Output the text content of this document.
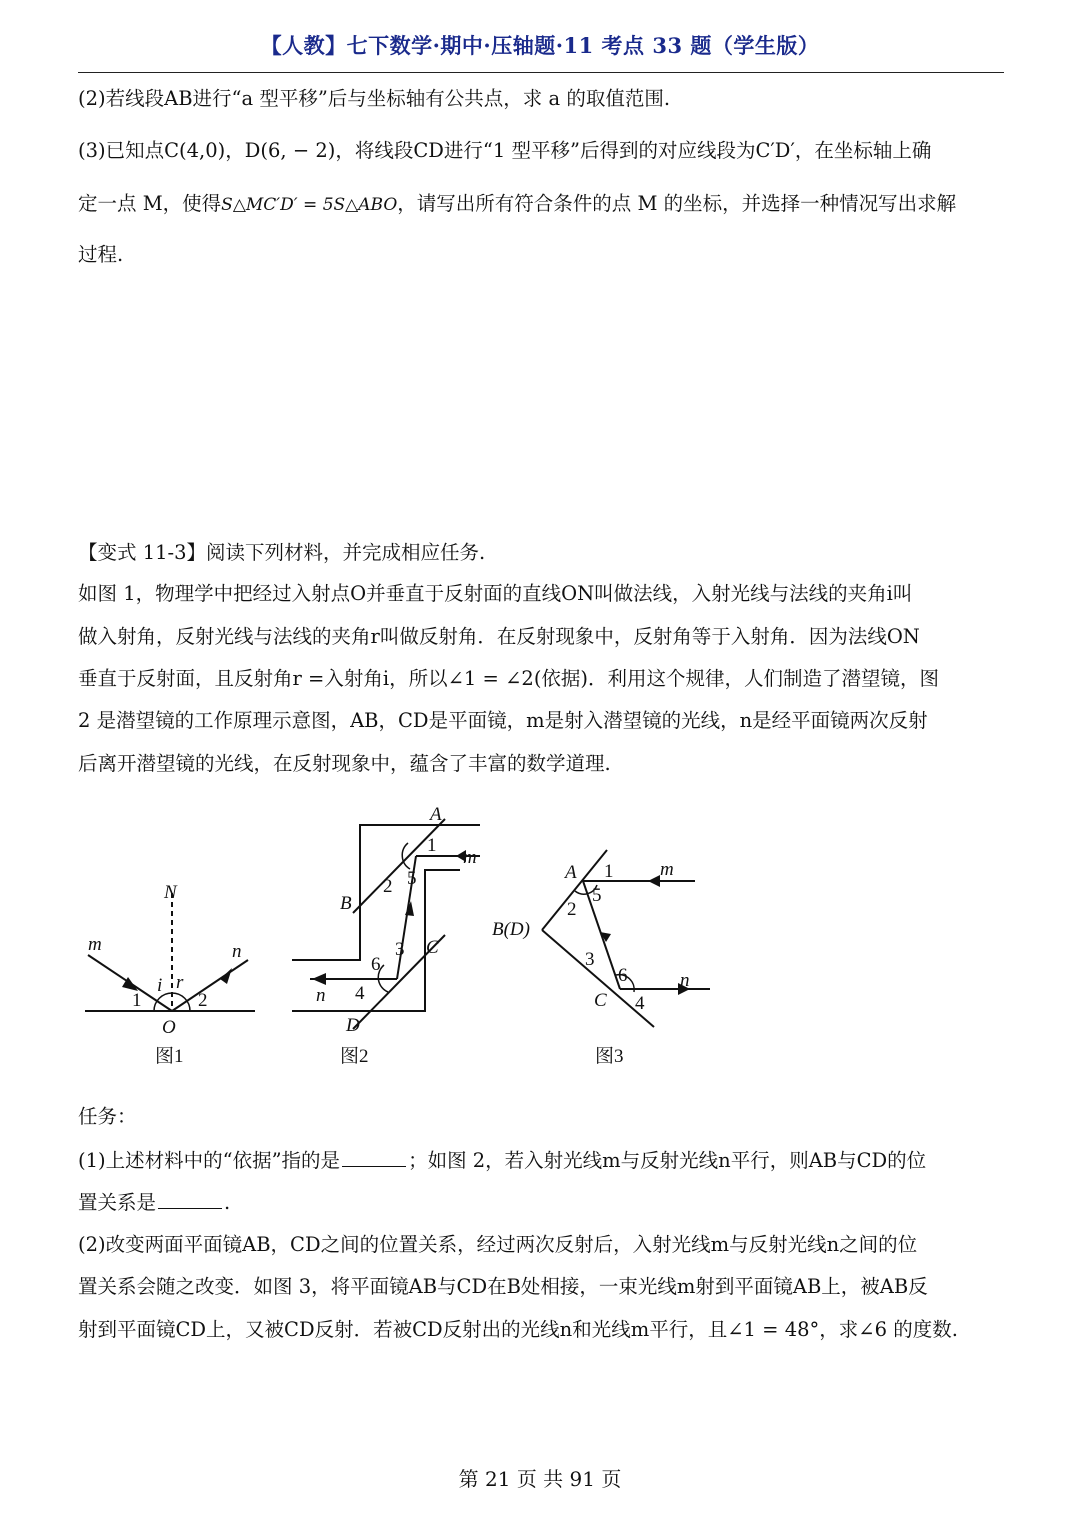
【人教】七下数学·期中·压轴题·11 考点 33 题（学生版）
(2)若线段AB进行“a 型平移”后与坐标轴有公共点，求 a 的取值范围.
(3)已知点C(4,0)，D(6, − 2)，将线段CD进行“1 型平移”后得到的对应线段为C′D′，在坐标轴上确
定一点 M，使得S△MC′D′ = 5S△ABO，请写出所有符合条件的点 M 的坐标，并选择一种情况写出求解
过程.
【变式 11-3】阅读下列材料，并完成相应任务.
如图 1，物理学中把经过入射点O并垂直于反射面的直线ON叫做法线，入射光线与法线的夹角i叫
做入射角，反射光线与法线的夹角r叫做反射角．在反射现象中，反射角等于入射角．因为法线ON
垂直于反射面，且反射角r =入射角i，所以∠1 = ∠2(依据)．利用这个规律，人们制造了潜望镜，图
2 是潜望镜的工作原理示意图，AB，CD是平面镜，m是射入潜望镜的光线，n是经平面镜两次反射
后离开潜望镜的光线，在反射现象中，蕴含了丰富的数学道理.
N
m	n
i r
1	2
O
图1
A
B
C
D
m
n
1
2
3
4
5
6
图2
A
B(D)
C
m
n
1
2
3
4
5
6
图3
任务：
(1)上述材料中的“依据”指的是	；如图 2，若入射光线m与反射光线n平行，则AB与CD的位
置关系是	.
(2)改变两面平面镜AB，CD之间的位置关系，经过两次反射后，入射光线m与反射光线n之间的位
置关系会随之改变．如图 3，将平面镜AB与CD在B处相接，一束光线m射到平面镜AB上，被AB反
射到平面镜CD上，又被CD反射．若被CD反射出的光线n和光线m平行，且∠1 = 48°，求∠6 的度数.
第 21 页 共 91 页
